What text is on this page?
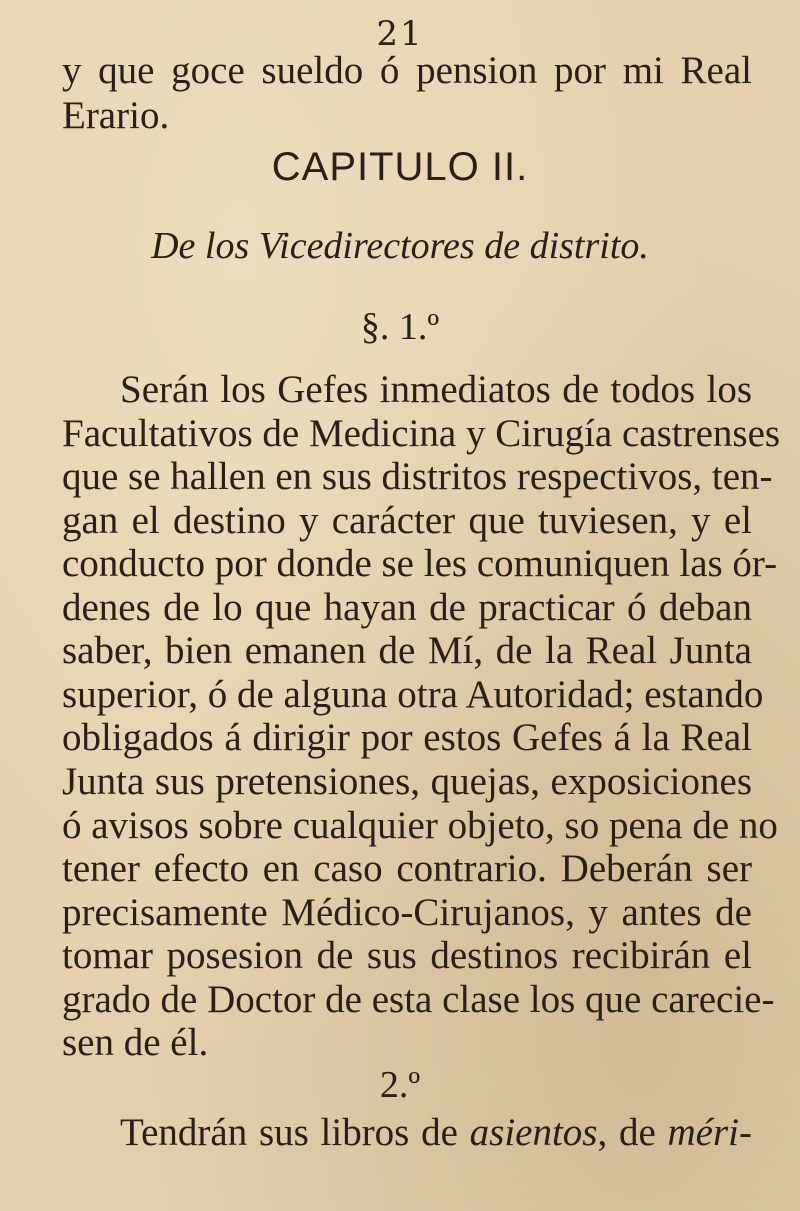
21
y que goce sueldo ó pension por mi Real
Erario.
CAPITULO II.
De los Vicedirectores de distrito.
§. 1.º
Serán los Gefes inmediatos de todos los
Facultativos de Medicina y Cirugía castrenses
que se hallen en sus distritos respectivos, ten-
gan el destino y carácter que tuviesen, y el
conducto por donde se les comuniquen las ór-
denes de lo que hayan de practicar ó deban
saber, bien emanen de Mí, de la Real Junta
superior, ó de alguna otra Autoridad; estando
obligados á dirigir por estos Gefes á la Real
Junta sus pretensiones, quejas, exposiciones
ó avisos sobre cualquier objeto, so pena de no
tener efecto en caso contrario. Deberán ser
precisamente Médico-Cirujanos, y antes de
tomar posesion de sus destinos recibirán el
grado de Doctor de esta clase los que carecie-
sen de él.
2.º
Tendrán sus libros de asientos, de méri-
